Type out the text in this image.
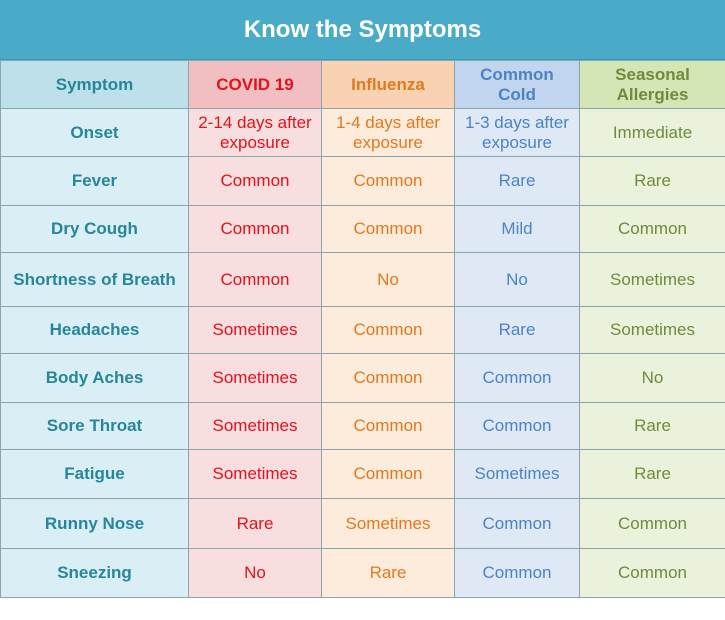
Know the Symptoms
Symptom	COVID 19	Influenza	Common Cold	Seasonal Allergies
Onset	2-14 days after exposure	1-4 days after exposure	1-3 days after exposure	Immediate
Fever	Common	Common	Rare	Rare
Dry Cough	Common	Common	Mild	Common
Shortness of Breath	Common	No	No	Sometimes
Headaches	Sometimes	Common	Rare	Sometimes
Body Aches	Sometimes	Common	Common	No
Sore Throat	Sometimes	Common	Common	Rare
Fatigue	Sometimes	Common	Sometimes	Rare
Runny Nose	Rare	Sometimes	Common	Common
Sneezing	No	Rare	Common	Common
